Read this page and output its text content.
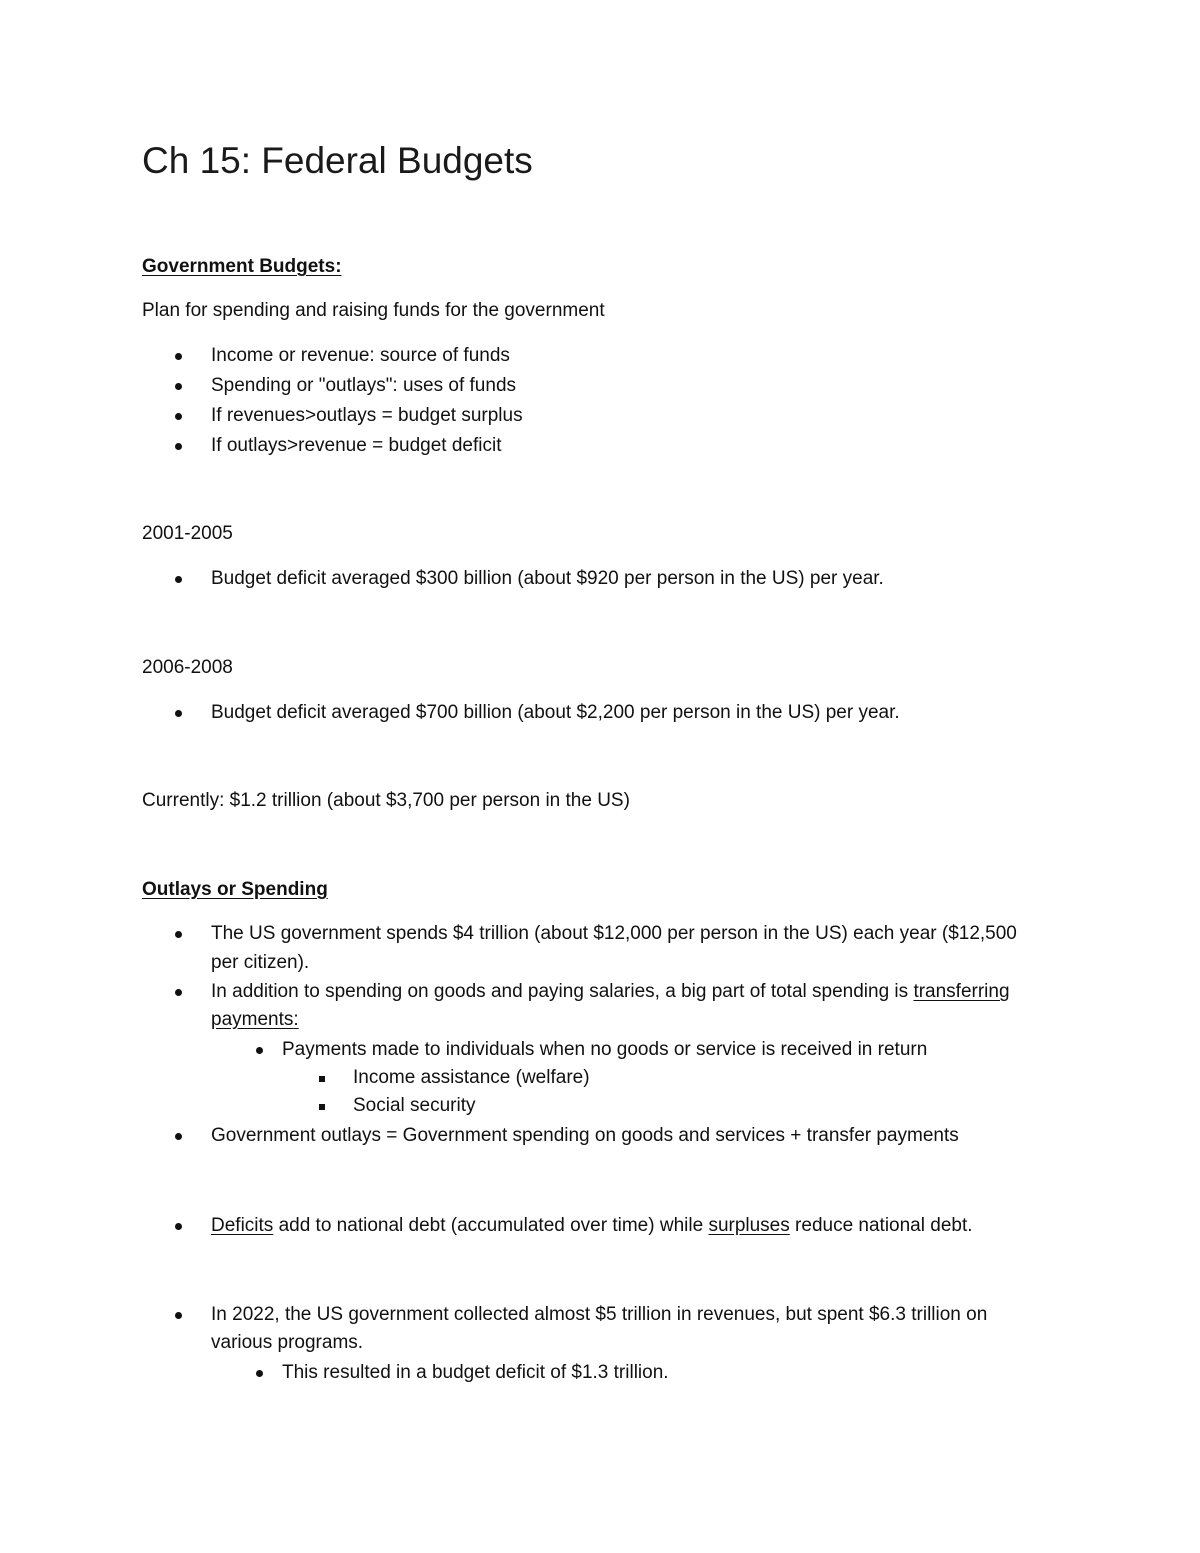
Ch 15: Federal Budgets
Government Budgets:
Plan for spending and raising funds for the government
Income or revenue: source of funds
Spending or "outlays": uses of funds
If revenues>outlays = budget surplus
If outlays>revenue = budget deficit
2001-2005
Budget deficit averaged $300 billion (about $920 per person in the US) per year.
2006-2008
Budget deficit averaged $700 billion (about $2,200 per person in the US) per year.
Currently: $1.2 trillion (about $3,700 per person in the US)
Outlays or Spending
The US government spends $4 trillion (about $12,000 per person in the US) each year ($12,500
per citizen).
In addition to spending on goods and paying salaries, a big part of total spending is transferring
payments:
Payments made to individuals when no goods or service is received in return
Income assistance (welfare)
Social security
Government outlays = Government spending on goods and services + transfer payments
Deficits add to national debt (accumulated over time) while surpluses reduce national debt.
In 2022, the US government collected almost $5 trillion in revenues, but spent $6.3 trillion on
various programs.
This resulted in a budget deficit of $1.3 trillion.
